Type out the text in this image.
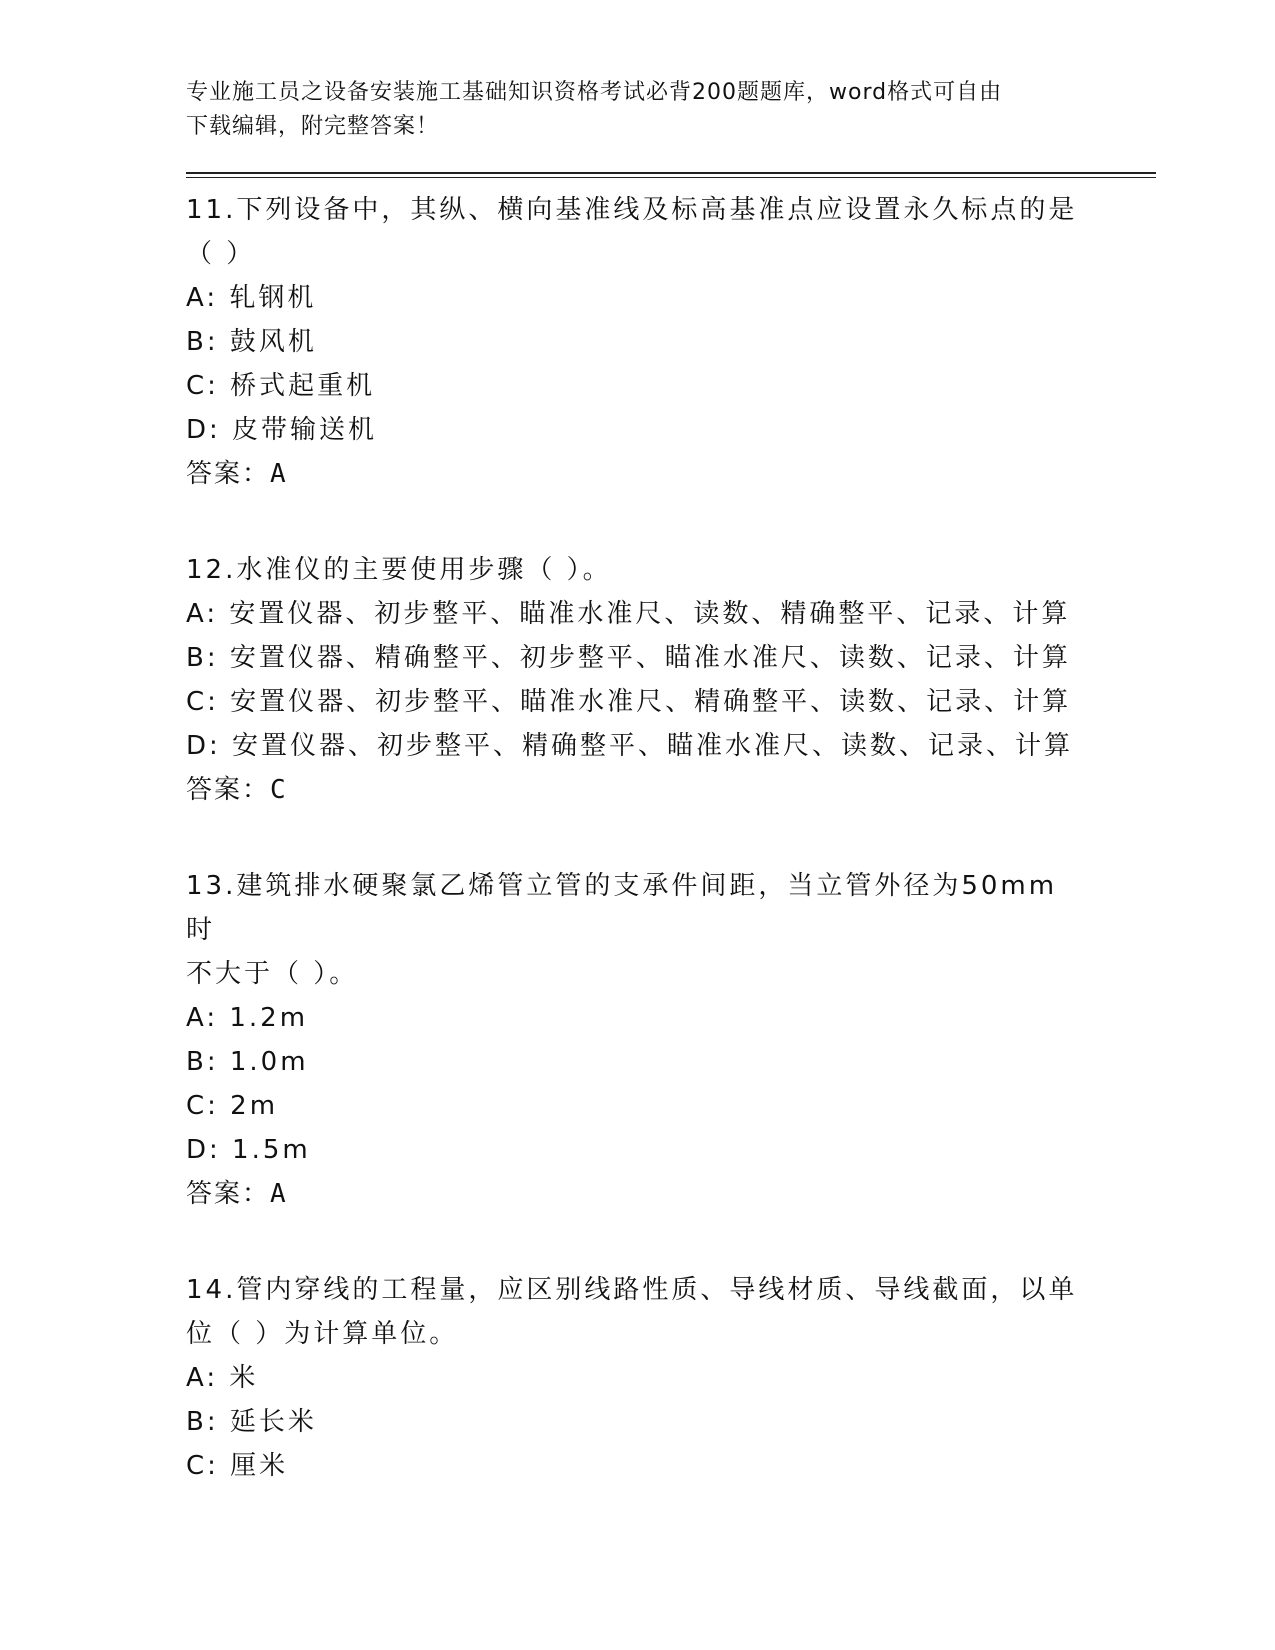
专业施工员之设备安装施工基础知识资格考试必背200题题库，word格式可自由
下载编辑，附完整答案！

11.下列设备中，其纵、横向基准线及标高基准点应设置永久标点的是

（ ）

A: 轧钢机

B: 鼓风机

C: 桥式起重机

D: 皮带输送机

答案：A

12.水准仪的主要使用步骤（ ）。

A: 安置仪器、初步整平、瞄准水准尺、读数、精确整平、记录、计算

B: 安置仪器、精确整平、初步整平、瞄准水准尺、读数、记录、计算

C: 安置仪器、初步整平、瞄准水准尺、精确整平、读数、记录、计算

D: 安置仪器、初步整平、精确整平、瞄准水准尺、读数、记录、计算

答案：C

13.建筑排水硬聚氯乙烯管立管的支承件间距，当立管外径为50mm时

不大于（ ）。

A: 1.2m

B: 1.0m

C: 2m

D: 1.5m

答案：A

14.管内穿线的工程量，应区别线路性质、导线材质、导线截面，以单

位（ ）为计算单位。

A: 米

B: 延长米

C: 厘米
